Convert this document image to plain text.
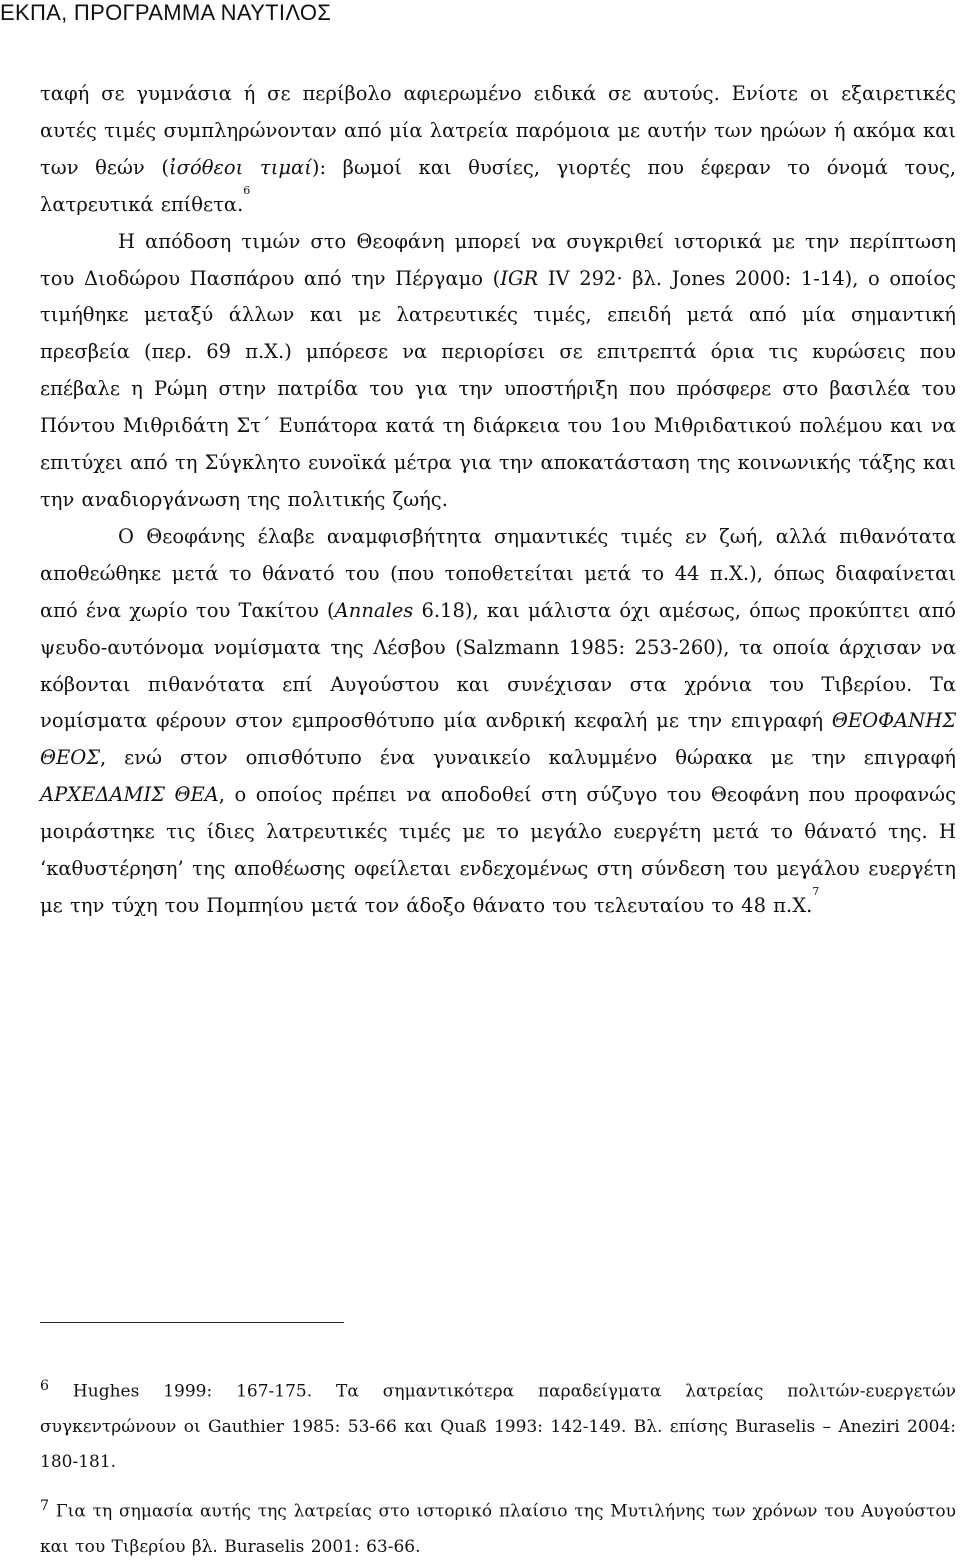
ΕΚΠΑ, ΠΡΟΓΡΑΜΜΑ ΝΑΥΤΙΛΟΣ

ταφή σε γυμνάσια ή σε περίβολο αφιερωμένο ειδικά σε αυτούς. Ενίοτε οι εξαιρετικές αυτές τιμές συμπληρώνονταν από μία λατρεία παρόμοια με αυτήν των ηρώων ή ακόμα και των θεών (ἰσόθεοι τιμαί): βωμοί και θυσίες, γιορτές που έφεραν το όνομά τους, λατρευτικά επίθετα.$^6$

Η απόδοση τιμών στο Θεοφάνη μπορεί να συγκριθεί ιστορικά με την περίπτωση του Διοδώρου Πασπάρου από την Πέργαμο (IGR IV 292· βλ. Jones 2000: 1-14), ο οποίος τιμήθηκε μεταξύ άλλων και με λατρευτικές τιμές, επειδή μετά από μία σημαντική πρεσβεία (περ. 69 π.Χ.) μπόρεσε να περιορίσει σε επιτρεπτά όρια τις κυρώσεις που επέβαλε η Ρώμη στην πατρίδα του για την υποστήριξη που πρόσφερε στο βασιλέα του Πόντου Μιθριδάτη Στ΄ Ευπάτορα κατά τη διάρκεια του 1ου Μιθριδατικού πολέμου και να επιτύχει από τη Σύγκλητο ευνοϊκά μέτρα για την αποκατάσταση της κοινωνικής τάξης και την αναδιοργάνωση της πολιτικής ζωής.

Ο Θεοφάνης έλαβε αναμφισβήτητα σημαντικές τιμές εν ζωή, αλλά πιθανότατα αποθεώθηκε μετά το θάνατό του (που τοποθετείται μετά το 44 π.Χ.), όπως διαφαίνεται από ένα χωρίο του Τακίτου (Annales 6.18), και μάλιστα όχι αμέσως, όπως προκύπτει από ψευδο-αυτόνομα νομίσματα της Λέσβου (Salzmann 1985: 253-260), τα οποία άρχισαν να κόβονται πιθανότατα επί Αυγούστου και συνέχισαν στα χρόνια του Τιβερίου. Τα νομίσματα φέρουν στον εμπροσθότυπο μία ανδρική κεφαλή με την επιγραφή ΘΕΟΦΑΝΗΣ ΘΕΟΣ, ενώ στον οπισθότυπο ένα γυναικείο καλυμμένο θώρακα με την επιγραφή ΑΡΧΕΔΑΜΙΣ ΘΕΑ, ο οποίος πρέπει να αποδοθεί στη σύζυγο του Θεοφάνη που προφανώς μοιράστηκε τις ίδιες λατρευτικές τιμές με το μεγάλο ευεργέτη μετά το θάνατό της. Η ‘καθυστέρηση’ της αποθέωσης οφείλεται ενδεχομένως στη σύνδεση του μεγάλου ευεργέτη με την τύχη του Πομπηίου μετά τον άδοξο θάνατο του τελευταίου το 48 π.Χ.$^7$

$^6$ Hughes 1999: 167-175. Τα σημαντικότερα παραδείγματα λατρείας πολιτών-ευεργετών συγκεντρώνουν οι Gauthier 1985: 53-66 και Quaß 1993: 142-149. Βλ. επίσης Buraselis – Aneziri 2004: 180-181.

$^7$ Για τη σημασία αυτής της λατρείας στο ιστορικό πλαίσιο της Μυτιλήνης των χρόνων του Αυγούστου και του Τιβερίου βλ. Buraselis 2001: 63-66.
